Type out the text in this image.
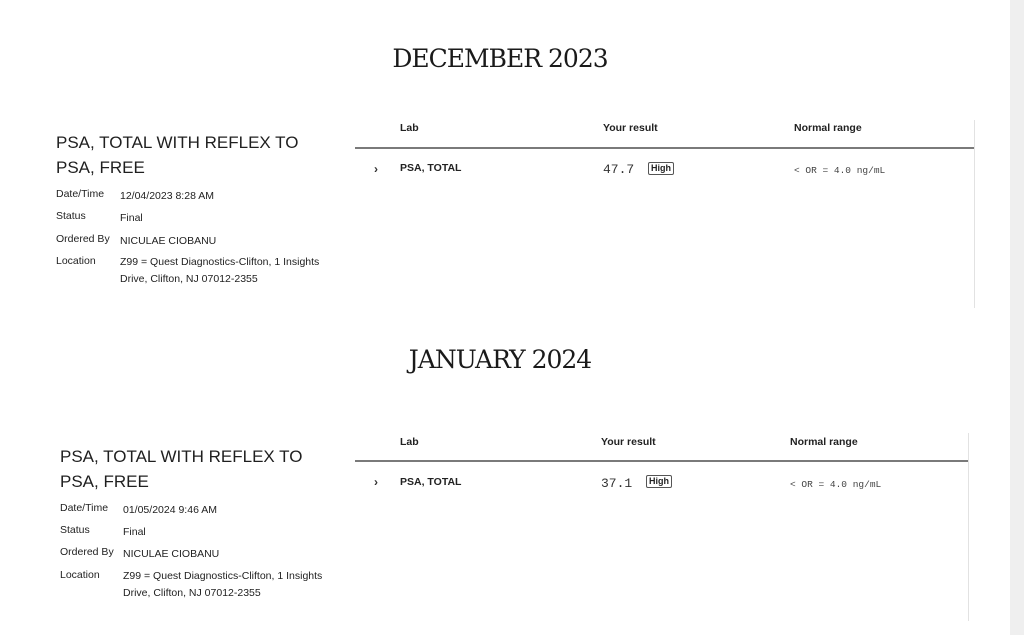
DECEMBER 2023
PSA, TOTAL WITH REFLEX TO PSA, FREE
Date/Time 12/04/2023 8:28 AM
Status	Final
Ordered By NICULAE CIOBANU
Location Z99 = Quest Diagnostics-Clifton, 1 Insights Drive, Clifton, NJ 07012-2355
Lab	Your result	Normal range
› PSA, TOTAL	47.7	High	< OR = 4.0 ng/mL
JANUARY 2024
PSA, TOTAL WITH REFLEX TO PSA, FREE
Date/Time 01/05/2024 9:46 AM
Status	Final
Ordered By NICULAE CIOBANU
Location Z99 = Quest Diagnostics-Clifton, 1 Insights Drive, Clifton, NJ 07012-2355
Lab	Your result	Normal range
› PSA, TOTAL	37.1	High	< OR = 4.0 ng/mL
